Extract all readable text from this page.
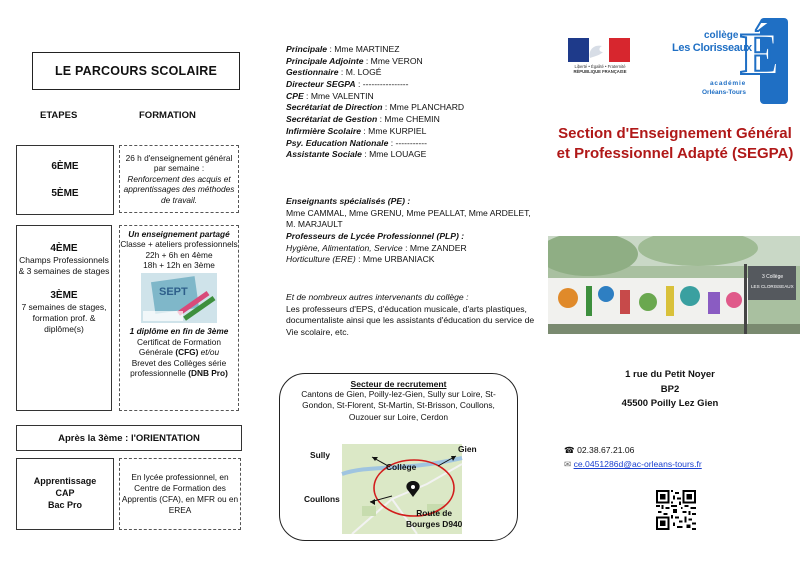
LE PARCOURS SCOLAIRE
ETAPES	FORMATION
6ÈME
5ÈME
26 h d'enseignement général par semaine :
Renforcement des acquis et apprentissages des méthodes de travail.
4ÈME
Champs Professionnels & 3 semaines de stages
3ÈME
7 semaines de stages, formation prof. & diplôme(s)
Un enseignement partagé
Classe + ateliers professionnels
22h + 6h en 4ème
18h + 12h en 3ème
SEPT
1 diplôme en fin de 3ème
Certificat de Formation Générale (CFG) et/ou
Brevet des Collèges série professionnelle (DNB Pro)
Après la 3ème : l'ORIENTATION
Apprentissage
CAP
Bac Pro
En lycée professionnel, en Centre de Formation des Apprentis (CFA), en MFR ou en EREA

Principale : Mme MARTINEZ

Principale Adjointe : Mme VERON

Gestionnaire : M. LOGÉ

Directeur SEGPA : ----------------

CPE : Mme VALENTIN

Secrétariat de Direction : Mme PLANCHARD

Secrétariat de Gestion : Mme CHEMIN

Infirmière Scolaire : Mme KURPIEL

Psy. Education Nationale : -----------

Assistante Sociale : Mme LOUAGE

Enseignants spécialisés (PE) :

Mme CAMMAL, Mme GRENU, Mme PEALLAT, Mme ARDELET, M. MARJAULT

Professeurs de Lycée Professionnel (PLP) :

Hygiène, Alimentation, Service : Mme ZANDER

Horticulture (ERE) : Mme URBANIACK

Et de nombreux autres intervenants du collège :
Les professeurs d'EPS, d'éducation musicale, d'arts plastiques, documentaliste ainsi que les assistants d'éducation du service de Vie scolaire, etc.
Secteur de recrutement
Cantons de Gien, Poilly-lez-Gien, Sully sur Loire, St-Gondon, St-Florent, St-Martin, St-Brisson, Coullons, Ouzouer sur Loire, Cerdon
Sully
Gien
Collège
Coullons
Route de
Bourges D940
Liberté • Égalité • Fraternité
RÉPUBLIQUE FRANÇAISE É
collège
Les Clorisseaux
académie
Orléans-Tours
Section d'Enseignement Général et Professionnel Adapté (SEGPA)
3 Collège
LES CLORISSEAUX
1 rue du Petit Noyer
BP2
45500 Poilly Lez Gien
☎ 02.38.67.21.06
✉ ce.0451286d@ac-orleans-tours.fr
